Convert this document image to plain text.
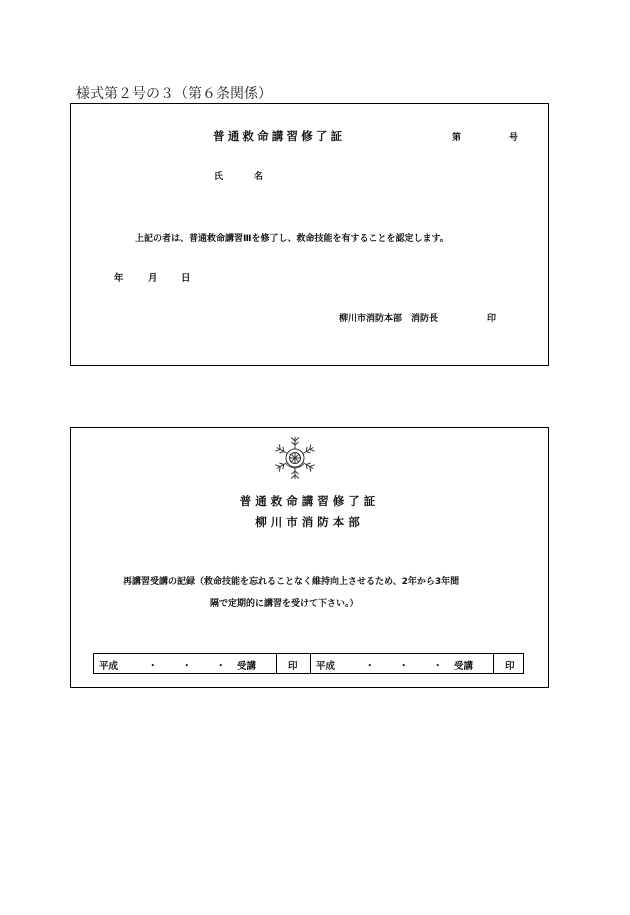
様式第２号の３（第６条関係）
普通救命講習修了証	第	号
氏　名
上記の者は、普通救命講習Ⅲを修了し、救命技能を有することを認定します。
年	月 日
柳川市消防本部　消防長	印
普通救命講習修了証
柳川市消防本部
再講習受講の記録（救命技能を忘れることなく維持向上させるため、2年から3年間
隔で定期的に講習を受けて下さい。）
平成	・	・	・ 受講	印 平成	・	・	・ 受講	印
